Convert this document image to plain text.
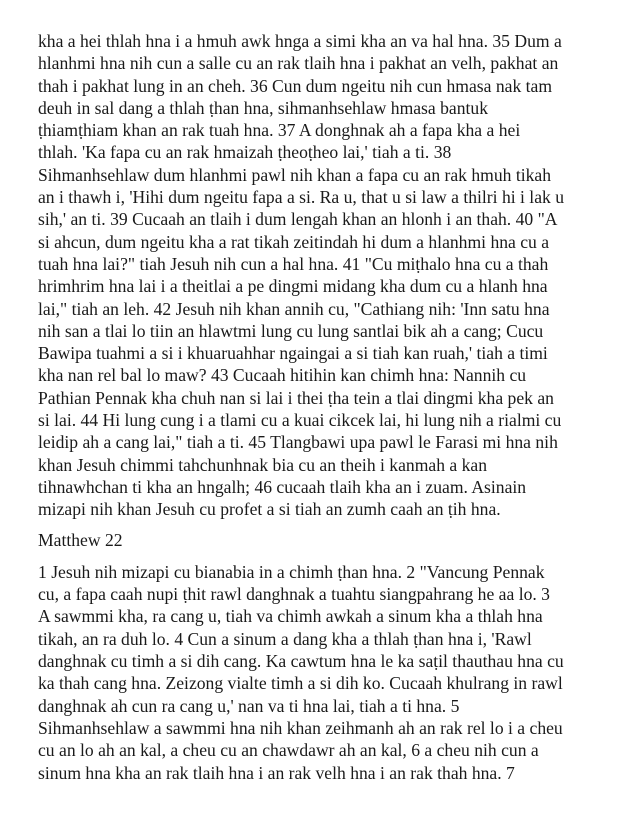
kha a hei thlah hna i a hmuh awk hnga a simi kha an va hal hna. 35 Dum a
hlanhmi hna nih cun a salle cu an rak tlaih hna i pakhat an velh, pakhat an
thah i pakhat lung in an cheh. 36 Cun dum ngeitu nih cun hmasa nak tam
deuh in sal dang a thlah ṭhan hna, sihmanhsehlaw hmasa bantuk
ṭhiamṭhiam khan an rak tuah hna. 37 A donghnak ah a fapa kha a hei
thlah. 'Ka fapa cu an rak hmaizah ṭheoṭheo lai,' tiah a ti. 38
Sihmanhsehlaw dum hlanhmi pawl nih khan a fapa cu an rak hmuh tikah
an i thawh i, 'Hihi dum ngeitu fapa a si. Ra u, that u si law a thilri hi i lak u
sih,' an ti. 39 Cucaah an tlaih i dum lengah khan an hlonh i an thah. 40 "A
si ahcun, dum ngeitu kha a rat tikah zeitindah hi dum a hlanhmi hna cu a
tuah hna lai?" tiah Jesuh nih cun a hal hna. 41 "Cu miṭhalo hna cu a thah
hrimhrim hna lai i a theitlai a pe dingmi midang kha dum cu a hlanh hna
lai," tiah an leh. 42 Jesuh nih khan annih cu, "Cathiang nih: 'Inn satu hna
nih san a tlai lo tiin an hlawtmi lung cu lung santlai bik ah a cang; Cucu
Bawipa tuahmi a si i khuaruahhar ngaingai a si tiah kan ruah,' tiah a timi
kha nan rel bal lo maw? 43 Cucaah hitihin kan chimh hna: Nannih cu
Pathian Pennak kha chuh nan si lai i thei ṭha tein a tlai dingmi kha pek an
si lai. 44 Hi lung cung i a tlami cu a kuai cikcek lai, hi lung nih a rialmi cu
leidip ah a cang lai," tiah a ti. 45 Tlangbawi upa pawl le Farasi mi hna nih
khan Jesuh chimmi tahchunhnak bia cu an theih i kanmah a kan
tihnawhchan ti kha an hngalh; 46 cucaah tlaih kha an i zuam. Asinain
mizapi nih khan Jesuh cu profet a si tiah an zumh caah an ṭih hna.

Matthew 22

1 Jesuh nih mizapi cu bianabia in a chimh ṭhan hna. 2 "Vancung Pennak
cu, a fapa caah nupi ṭhit rawl danghnak a tuahtu siangpahrang he aa lo. 3
A sawmmi kha, ra cang u, tiah va chimh awkah a sinum kha a thlah hna
tikah, an ra duh lo. 4 Cun a sinum a dang kha a thlah ṭhan hna i, 'Rawl
danghnak cu timh a si dih cang. Ka cawtum hna le ka saṭil thauthau hna cu
ka thah cang hna. Zeizong vialte timh a si dih ko. Cucaah khulrang in rawl
danghnak ah cun ra cang u,' nan va ti hna lai, tiah a ti hna. 5
Sihmanhsehlaw a sawmmi hna nih khan zeihmanh ah an rak rel lo i a cheu
cu an lo ah an kal, a cheu cu an chawdawr ah an kal, 6 a cheu nih cun a
sinum hna kha an rak tlaih hna i an rak velh hna i an rak thah hna. 7
